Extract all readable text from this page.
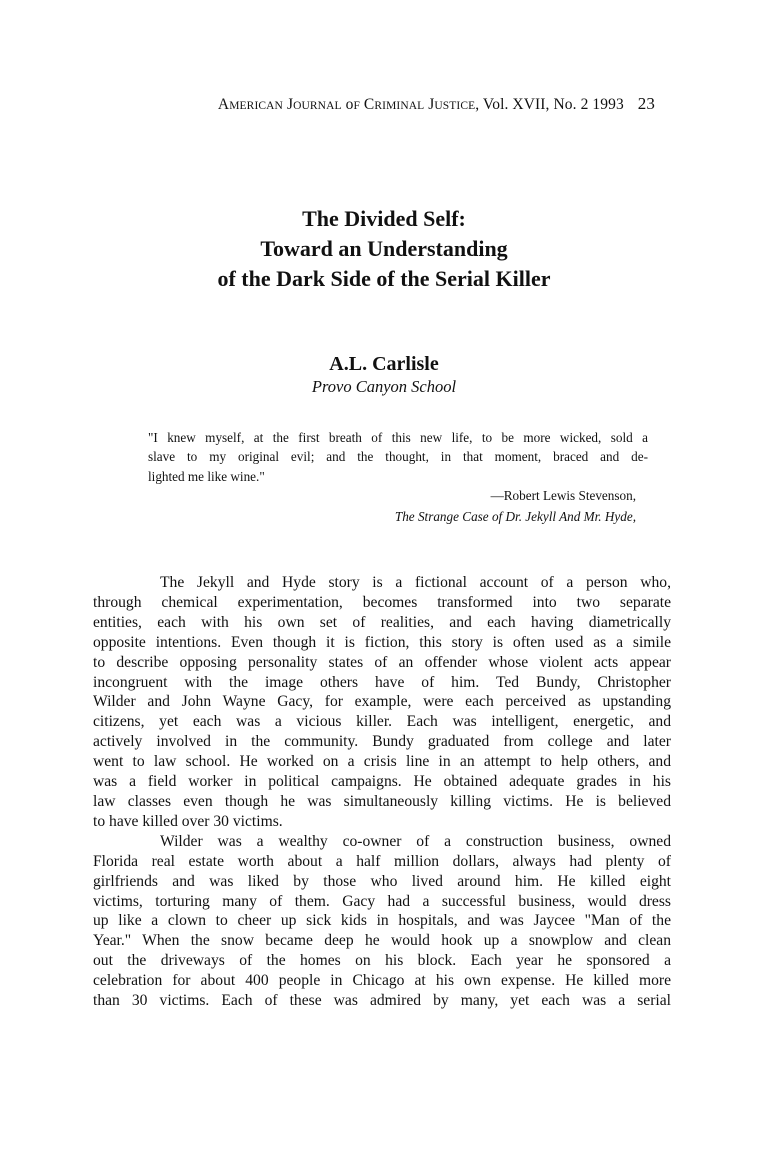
AMERICAN JOURNAL oF CRIMINAL JUSTICE, Vol. XVII, No. 2 1993 23
The Divided Self:
Toward an Understanding
of the Dark Side of the Serial Killer
A.L. Carlisle
Provo Canyon School
"I knew myself, at the first breath of this new life, to be more wicked, sold a
slave to my original evil; and the thought, in that moment, braced and de-
lighted me like wine."
—Robert Lewis Stevenson,
The Strange Case of Dr. Jekyll And Mr. Hyde,
The Jekyll and Hyde story is a fictional account of a person who,
through chemical experimentation, becomes transformed into two separate
entities, each with his own set of realities, and each having diametrically
opposite intentions. Even though it is fiction, this story is often used as a simile
to describe opposing personality states of an offender whose violent acts appear
incongruent with the image others have of him. Ted Bundy, Christopher
Wilder and John Wayne Gacy, for example, were each perceived as upstanding
citizens, yet each was a vicious killer. Each was intelligent, energetic, and
actively involved in the community. Bundy graduated from college and later
went to law school. He worked on a crisis line in an attempt to help others, and
was a field worker in political campaigns. He obtained adequate grades in his
law classes even though he was simultaneously killing victims. He is believed
to have killed over 30 victims.
Wilder was a wealthy co-owner of a construction business, owned
Florida real estate worth about a half million dollars, always had plenty of
girlfriends and was liked by those who lived around him. He killed eight
victims, torturing many of them. Gacy had a successful business, would dress
up like a clown to cheer up sick kids in hospitals, and was Jaycee "Man of the
Year." When the snow became deep he would hook up a snowplow and clean
out the driveways of the homes on his block. Each year he sponsored a
celebration for about 400 people in Chicago at his own expense. He killed more
than 30 victims. Each of these was admired by many, yet each was a serial
